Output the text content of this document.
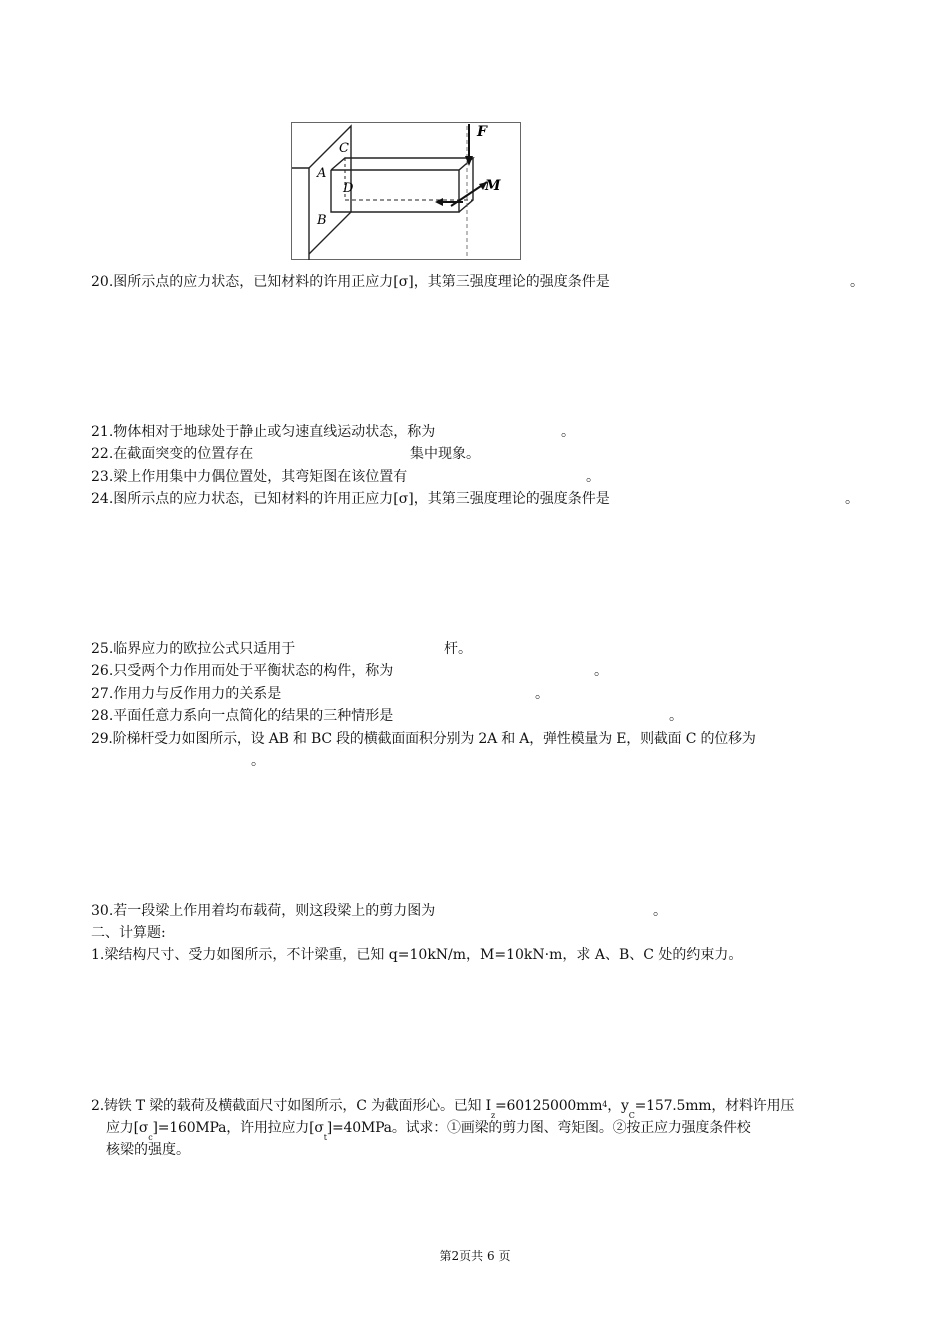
F
M
C
A
D
B
20.图所示点的应力状态，已知材料的许用正应力[σ]，其第三强度理论的强度条件是	。
21.物体相对于地球处于静止或匀速直线运动状态，称为	。
22.在截面突变的位置存在	集中现象。
23.梁上作用集中力偶位置处，其弯矩图在该位置有	。
24.图所示点的应力状态，已知材料的许用正应力[σ]，其第三强度理论的强度条件是	。
25.临界应力的欧拉公式只适用于	杆。
26.只受两个力作用而处于平衡状态的构件，称为	。
27.作用力与反作用力的关系是	。
28.平面任意力系向一点简化的结果的三种情形是	。
29.阶梯杆受力如图所示，设 AB 和 BC 段的横截面面积分别为 2A 和 A，弹性模量为 E，则截面 C 的位移为
。
30.若一段梁上作用着均布载荷，则这段梁上的剪力图为	。
二、计算题:
1.梁结构尺寸、受力如图所示，不计梁重，已知 q=10kN/m，M=10kN·m，求 A、B、C 处的约束力。
2.铸铁 T 梁的载荷及横截面尺寸如图所示，C 为截面形心。已知 $I_z=60125000mm^4$，$y_C=157.5mm$，材料许用压
应力$[\sigma_c]=160MPa$，许用拉应力$[\sigma_t]=40MPa$。试求：①画梁的剪力图、弯矩图。②按正应力强度条件校
核梁的强度。
第2页共 6 页
